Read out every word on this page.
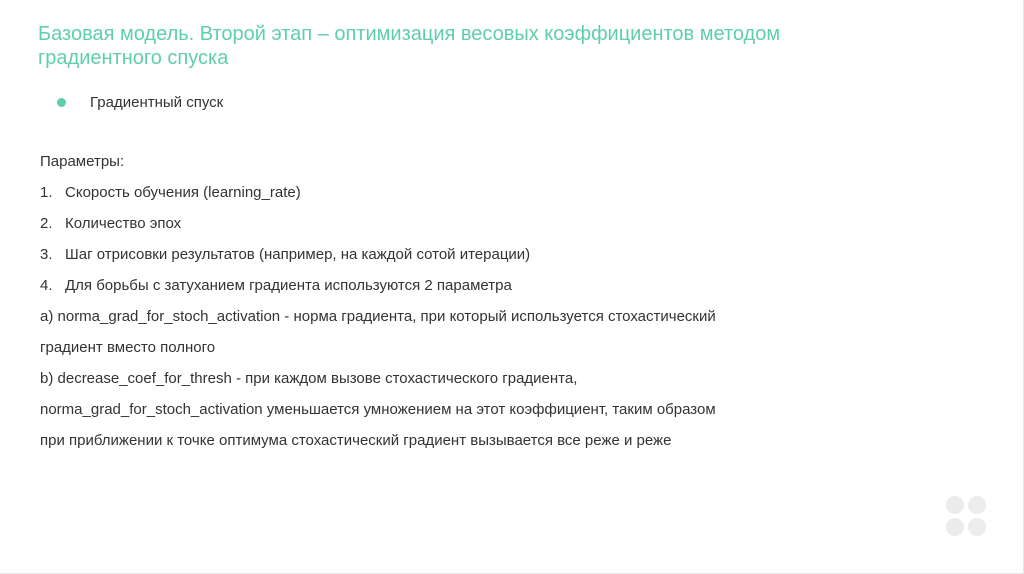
Базовая модель. Второй этап – оптимизация весовых коэффициентов методом
градиентного спуска
Градиентный спуск
Параметры:
1. Скорость обучения (learning_rate)
2. Количество эпох
3. Шаг отрисовки результатов (например, на каждой сотой итерации)
4. Для борьбы с затуханием градиента используются 2 параметра
a) norma_grad_for_stoch_activation - норма градиента, при который используется стохастический
градиент вместо полного
b) decrease_coef_for_thresh - при каждом вызове стохастического градиента,
norma_grad_for_stoch_activation уменьшается умножением на этот коэффициент, таким образом
при приближении к точке оптимума стохастический градиент вызывается все реже и реже
